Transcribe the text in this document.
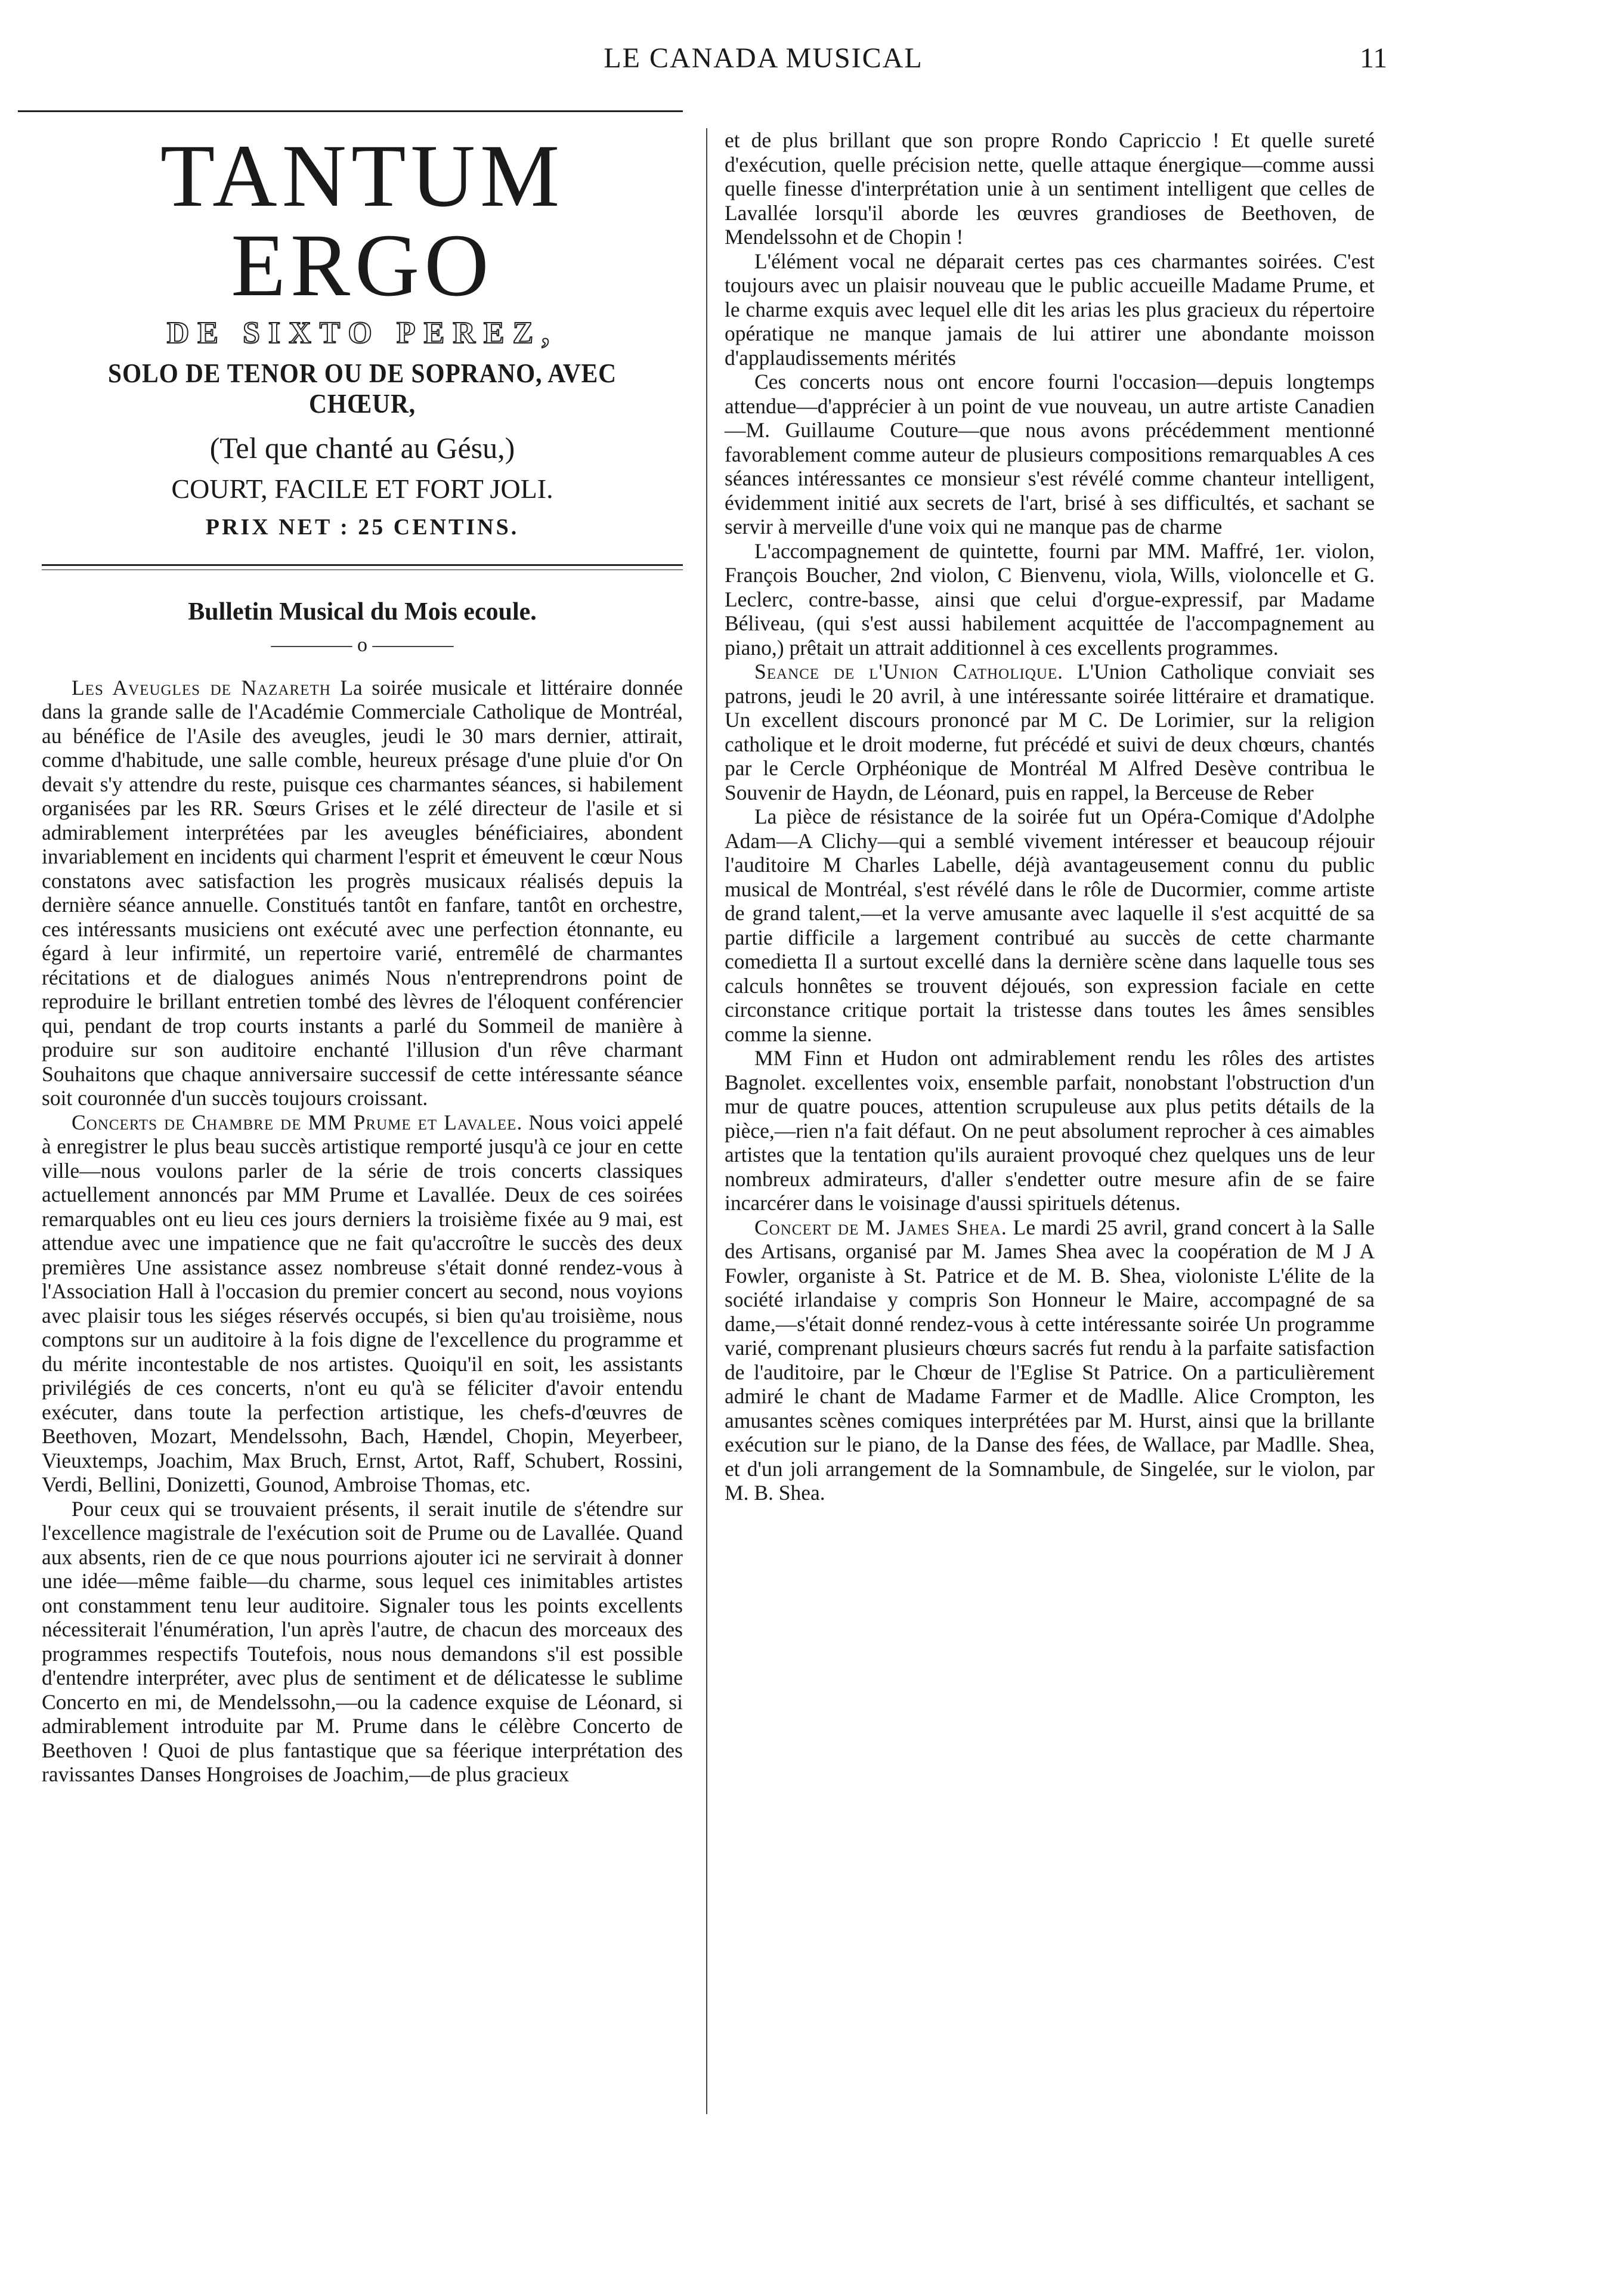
LE CANADA MUSICAL	11
TANTUM ERGO
DE SIXTO PEREZ,
SOLO DE TENOR OU DE SOPRANO, AVEC CHŒUR,
(Tel que chanté au Gésu,)
COURT, FACILE ET FORT JOLI.
PRIX NET : 25 CENTINS.
Bulletin Musical du Mois ecoule.
———— o ————

Les Aveugles de Nazareth La soirée musicale et littéraire donnée dans la grande salle de l'Académie Commerciale Catholique de Montréal, au bénéfice de l'Asile des aveugles, jeudi le 30 mars dernier, attirait, comme d'habitude, une salle comble, heureux présage d'une pluie d'or On devait s'y attendre du reste, puisque ces charmantes séances, si habilement organisées par les RR. Sœurs Grises et le zélé directeur de l'asile et si admirablement interprétées par les aveugles bénéficiaires, abondent invariablement en incidents qui charment l'esprit et émeuvent le cœur Nous constatons avec satisfaction les progrès musicaux réalisés depuis la dernière séance annuelle. Constitués tantôt en fanfare, tantôt en orchestre, ces intéressants musiciens ont exécuté avec une perfection étonnante, eu égard à leur infirmité, un repertoire varié, entremêlé de charmantes récitations et de dialogues animés Nous n'entreprendrons point de reproduire le brillant entretien tombé des lèvres de l'éloquent conférencier qui, pendant de trop courts instants a parlé du Sommeil de manière à produire sur son auditoire enchanté l'illusion d'un rêve charmant Souhaitons que chaque anniversaire successif de cette intéressante séance soit couronnée d'un succès toujours croissant.

Concerts de Chambre de MM Prume et Lavalee. Nous voici appelé à enregistrer le plus beau succès artistique remporté jusqu'à ce jour en cette ville—nous voulons parler de la série de trois concerts classiques actuellement annoncés par MM Prume et Lavallée. Deux de ces soirées remarquables ont eu lieu ces jours derniers la troisième fixée au 9 mai, est attendue avec une impatience que ne fait qu'accroître le succès des deux premières Une assistance assez nombreuse s'était donné rendez-vous à l'Association Hall à l'occasion du premier concert au second, nous voyions avec plaisir tous les siéges réservés occupés, si bien qu'au troisième, nous comptons sur un auditoire à la fois digne de l'excellence du programme et du mérite incontestable de nos artistes. Quoiqu'il en soit, les assistants privilégiés de ces concerts, n'ont eu qu'à se féliciter d'avoir entendu exécuter, dans toute la perfection artistique, les chefs-d'œuvres de Beethoven, Mozart, Mendelssohn, Bach, Hændel, Chopin, Meyerbeer, Vieuxtemps, Joachim, Max Bruch, Ernst, Artot, Raff, Schubert, Rossini, Verdi, Bellini, Donizetti, Gounod, Ambroise Thomas, etc.

Pour ceux qui se trouvaient présents, il serait inutile de s'étendre sur l'excellence magistrale de l'exécution soit de Prume ou de Lavallée. Quand aux absents, rien de ce que nous pourrions ajouter ici ne servirait à donner une idée—même faible—du charme, sous lequel ces inimitables artistes ont constamment tenu leur auditoire. Signaler tous les points excellents nécessiterait l'énumération, l'un après l'autre, de chacun des morceaux des programmes respectifs Toutefois, nous nous demandons s'il est possible d'entendre interpréter, avec plus de sentiment et de délicatesse le sublime Concerto en mi, de Mendelssohn,—ou la cadence exquise de Léonard, si admirablement introduite par M. Prume dans le célèbre Concerto de Beethoven ! Quoi de plus fantastique que sa féerique interprétation des ravissantes Danses Hongroises de Joachim,—de plus gracieux

et de plus brillant que son propre Rondo Capriccio ! Et quelle sureté d'exécution, quelle précision nette, quelle attaque énergique—comme aussi quelle finesse d'interprétation unie à un sentiment intelligent que celles de Lavallée lorsqu'il aborde les œuvres grandioses de Beethoven, de Mendelssohn et de Chopin !

L'élément vocal ne déparait certes pas ces charmantes soirées. C'est toujours avec un plaisir nouveau que le public accueille Madame Prume, et le charme exquis avec lequel elle dit les arias les plus gracieux du répertoire opératique ne manque jamais de lui attirer une abondante moisson d'applaudissements mérités

Ces concerts nous ont encore fourni l'occasion—depuis longtemps attendue—d'apprécier à un point de vue nouveau, un autre artiste Canadien—M. Guillaume Couture—que nous avons précédemment mentionné favorablement comme auteur de plusieurs compositions remarquables A ces séances intéressantes ce monsieur s'est révélé comme chanteur intelligent, évidemment initié aux secrets de l'art, brisé à ses difficultés, et sachant se servir à merveille d'une voix qui ne manque pas de charme

L'accompagnement de quintette, fourni par MM. Maffré, 1er. violon, François Boucher, 2nd violon, C Bienvenu, viola, Wills, violoncelle et G. Leclerc, contre-basse, ainsi que celui d'orgue-expressif, par Madame Béliveau, (qui s'est aussi habilement acquittée de l'accompagnement au piano,) prêtait un attrait additionnel à ces excellents programmes.

Seance de l'Union Catholique. L'Union Catholique conviait ses patrons, jeudi le 20 avril, à une intéressante soirée littéraire et dramatique. Un excellent discours prononcé par M C. De Lorimier, sur la religion catholique et le droit moderne, fut précédé et suivi de deux chœurs, chantés par le Cercle Orphéonique de Montréal M Alfred Desève contribua le Souvenir de Haydn, de Léonard, puis en rappel, la Berceuse de Reber

La pièce de résistance de la soirée fut un Opéra-Comique d'Adolphe Adam—A Clichy—qui a semblé vivement intéresser et beaucoup réjouir l'auditoire M Charles Labelle, déjà avantageusement connu du public musical de Montréal, s'est révélé dans le rôle de Ducormier, comme artiste de grand talent,—et la verve amusante avec laquelle il s'est acquitté de sa partie difficile a largement contribué au succès de cette charmante comedietta Il a surtout excellé dans la dernière scène dans laquelle tous ses calculs honnêtes se trouvent déjoués, son expression faciale en cette circonstance critique portait la tristesse dans toutes les âmes sensibles comme la sienne.

MM Finn et Hudon ont admirablement rendu les rôles des artistes Bagnolet. excellentes voix, ensemble parfait, nonobstant l'obstruction d'un mur de quatre pouces, attention scrupuleuse aux plus petits détails de la pièce,—rien n'a fait défaut. On ne peut absolument reprocher à ces aimables artistes que la tentation qu'ils auraient provoqué chez quelques uns de leur nombreux admirateurs, d'aller s'endetter outre mesure afin de se faire incarcérer dans le voisinage d'aussi spirituels détenus.

Concert de M. James Shea. Le mardi 25 avril, grand concert à la Salle des Artisans, organisé par M. James Shea avec la coopération de M J A Fowler, organiste à St. Patrice et de M. B. Shea, violoniste L'élite de la société irlandaise y compris Son Honneur le Maire, accompagné de sa dame,—s'était donné rendez-vous à cette intéressante soirée Un programme varié, comprenant plusieurs chœurs sacrés fut rendu à la parfaite satisfaction de l'auditoire, par le Chœur de l'Eglise St Patrice. On a particulièrement admiré le chant de Madame Farmer et de Madlle. Alice Crompton, les amusantes scènes comiques interprétées par M. Hurst, ainsi que la brillante exécution sur le piano, de la Danse des fées, de Wallace, par Madlle. Shea, et d'un joli arrangement de la Somnambule, de Singelée, sur le violon, par M. B. Shea.
